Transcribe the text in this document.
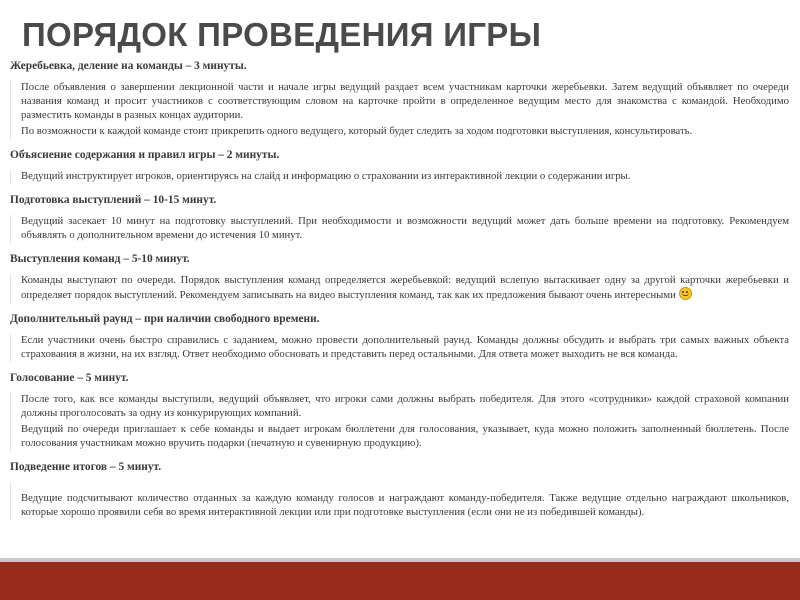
ПОРЯДОК ПРОВЕДЕНИЯ ИГРЫ

Жеребьевка, деление на команды – 3 минуты.

После объявления о завершении лекционной части и начале игры ведущий раздает всем участникам карточки жеребьевки. Затем ведущий объявляет по очереди названия команд и просит участников с соответствующим словом на карточке пройти в определенное ведущим место для знакомства с командой. Необходимо разместить команды в разных концах аудитории.

По возможности к каждой команде стоит прикрепить одного ведущего, который будет следить за ходом подготовки выступления, консультировать.

Объяснение содержания и правил игры – 2 минуты.

Ведущий инструктирует игроков, ориентируясь на слайд и информацию о страховании из интерактивной лекции о содержании игры.

Подготовка выступлений – 10-15 минут.

Ведущий засекает 10 минут на подготовку выступлений. При необходимости и возможности ведущий может дать больше времени на подготовку. Рекомендуем объявлять о дополнительном времени до истечения 10 минут.

Выступления команд – 5-10 минут.

Команды выступают по очереди. Порядок выступления команд определяется жеребьевкой: ведущий вслепую вытаскивает одну за другой карточки жеребьевки и определяет порядок выступлений. Рекомендуем записывать на видео выступления команд, так как их предложения бывают очень интересными

Дополнительный раунд – при наличии свободного времени.

Если участники очень быстро справились с заданием, можно провести дополнительный раунд. Команды должны обсудить и выбрать три самых важных объекта страхования в жизни, на их взгляд. Ответ необходимо обосновать и представить перед остальными. Для ответа может выходить не вся команда.

Голосование – 5 минут.

После того, как все команды выступили, ведущий объявляет, что игроки сами должны выбрать победителя. Для этого «сотрудники» каждой страховой компании должны проголосовать за одну из конкурирующих компаний.

Ведущий по очереди приглашает к себе команды и выдает игрокам бюллетени для голосования, указывает, куда можно положить заполненный бюллетень. После голосования участникам можно вручить подарки (печатную и сувенирную продукцию).

Подведение итогов – 5 минут.

Ведущие подсчитывают количество отданных за каждую команду голосов и награждают команду-победителя. Также ведущие отдельно награждают школьников, которые хорошо проявили себя во время интерактивной лекции или при подготовке выступления (если они не из победившей команды).
